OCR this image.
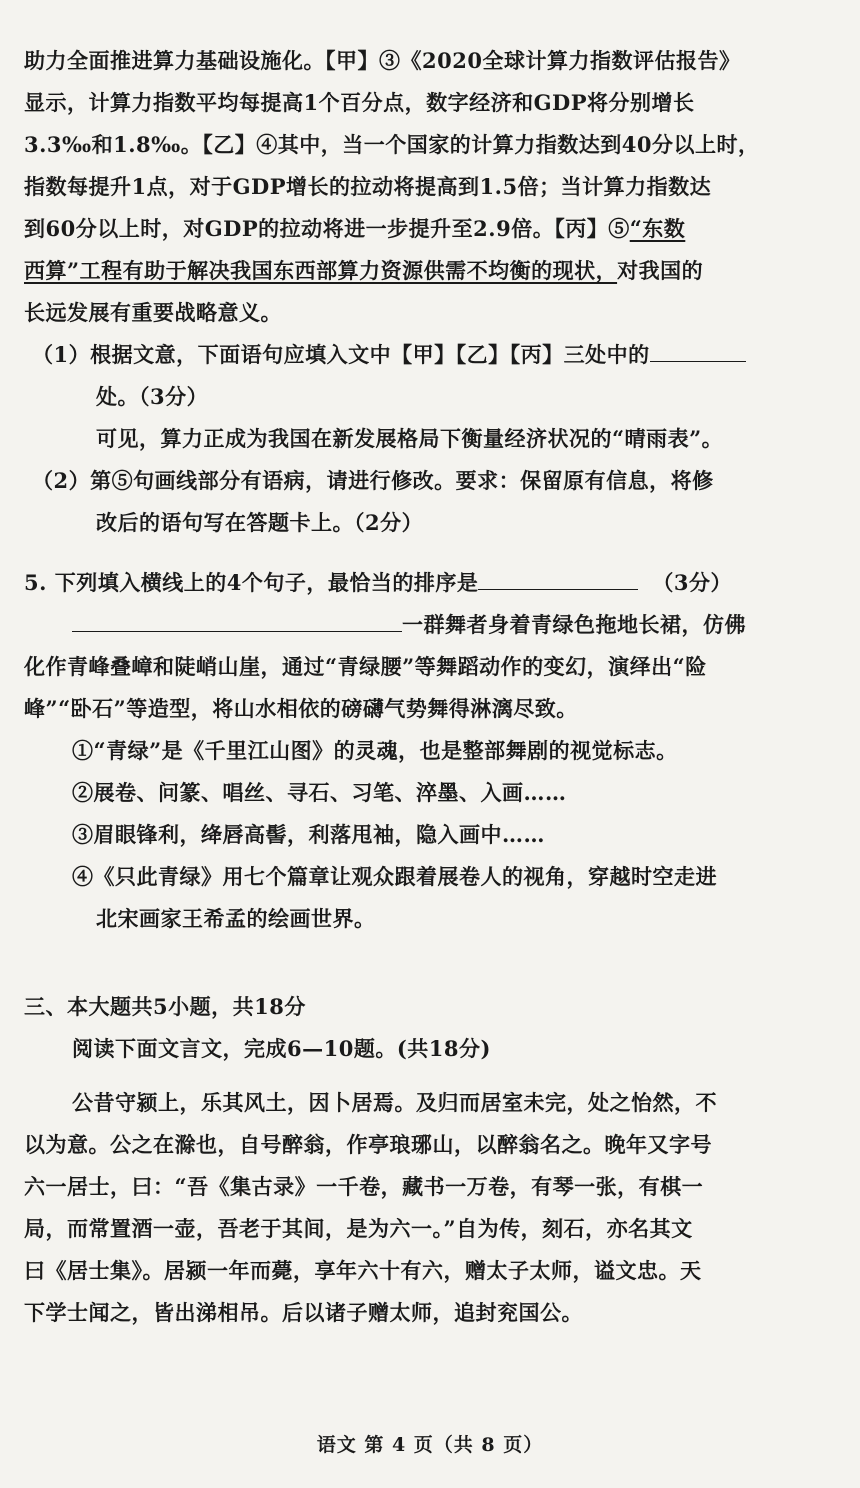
助力全面推进算力基础设施化。【甲】③《2020全球计算力指数评估报告》

显示，计算力指数平均每提高1个百分点，数字经济和GDP将分别增长

3.3‰和1.8‰。【乙】④其中，当一个国家的计算力指数达到40分以上时，

指数每提升1点，对于GDP增长的拉动将提高到1.5倍；当计算力指数达

到60分以上时，对GDP的拉动将进一步提升至2.9倍。【丙】⑤“东数

西算”工程有助于解决我国东西部算力资源供需不均衡的现状，对我国的

长远发展有重要战略意义。

（1）根据文意，下面语句应填入文中【甲】【乙】【丙】三处中的

处。（3分）

可见，算力正成为我国在新发展格局下衡量经济状况的“晴雨表”。

（2）第⑤句画线部分有语病，请进行修改。要求：保留原有信息，将修

改后的语句写在答题卡上。（2分）

5. 下列填入横线上的4个句子，最恰当的排序是	（3分）

一群舞者身着青绿色拖地长裙，仿佛

化作青峰叠嶂和陡峭山崖，通过“青绿腰”等舞蹈动作的变幻，演绎出“险

峰”“卧石”等造型，将山水相依的磅礴气势舞得淋漓尽致。

①“青绿”是《千里江山图》的灵魂，也是整部舞剧的视觉标志。

②展卷、问篆、唱丝、寻石、习笔、淬墨、入画……

③眉眼锋利，绛唇高髻，利落甩袖，隐入画中……

④《只此青绿》用七个篇章让观众跟着展卷人的视角，穿越时空走进

北宋画家王希孟的绘画世界。

三、本大题共5小题，共18分

阅读下面文言文，完成6—10题。(共18分)

公昔守颍上，乐其风土，因卜居焉。及归而居室未完，处之怡然，不

以为意。公之在滁也，自号醉翁，作亭琅琊山，以醉翁名之。晚年又字号

六一居士，曰：“吾《集古录》一千卷，藏书一万卷，有琴一张，有棋一

局，而常置酒一壶，吾老于其间，是为六一。”自为传，刻石，亦名其文

曰《居士集》。居颍一年而薨，享年六十有六，赠太子太师，谥文忠。天

下学士闻之，皆出涕相吊。后以诸子赠太师，追封兖国公。

语文 第 4 页（共 8 页）
